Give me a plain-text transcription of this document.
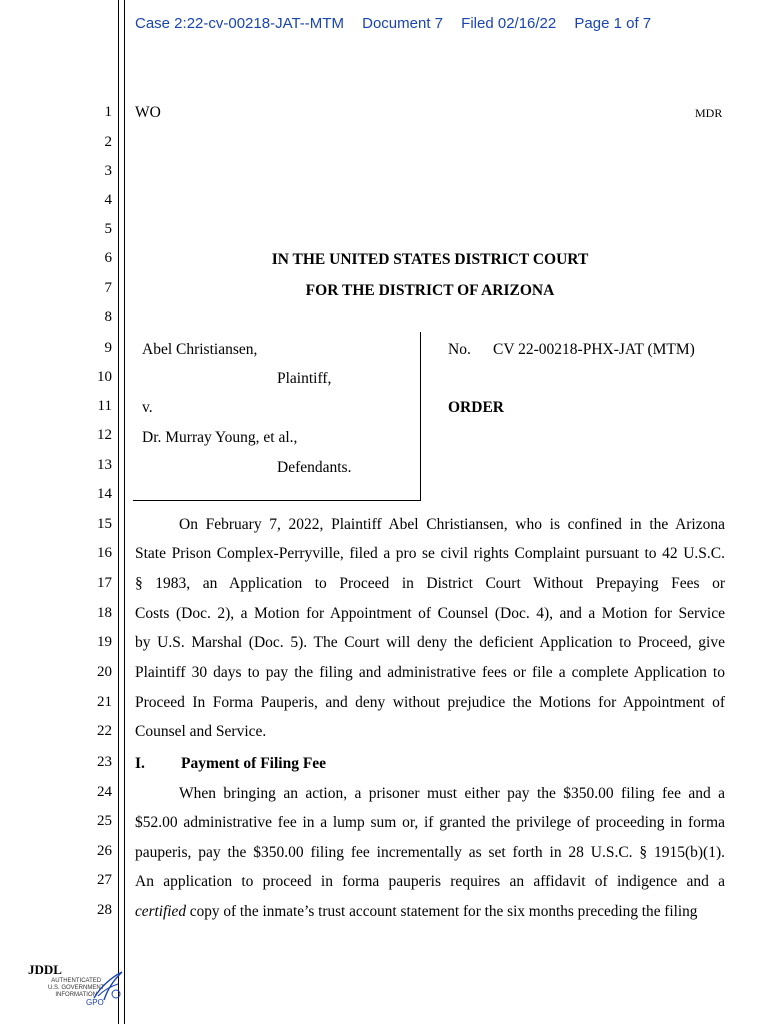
Case 2:22-cv-00218-JAT--MTM Document 7 Filed 02/16/22 Page 1 of 7
1
2
3
4
5
6
7
8
9
10
11
12
13
14
15
16
17
18
19
20
21
22
23
24
25
26
27
28
WO	MDR
IN THE UNITED STATES DISTRICT COURT
FOR THE DISTRICT OF ARIZONA
Abel Christiansen,
Plaintiff,
v.
Dr. Murray Young, et al.,
Defendants.
No. CV 22-00218-PHX-JAT (MTM)
ORDER
On February 7, 2022, Plaintiff Abel Christiansen, who is confined in the Arizona
State Prison Complex-Perryville, filed a pro se civil rights Complaint pursuant to 42 U.S.C.
§ 1983, an Application to Proceed in District Court Without Prepaying Fees or
Costs (Doc. 2), a Motion for Appointment of Counsel (Doc. 4), and a Motion for Service
by U.S. Marshal (Doc. 5). The Court will deny the deficient Application to Proceed, give
Plaintiff 30 days to pay the filing and administrative fees or file a complete Application to
Proceed In Forma Pauperis, and deny without prejudice the Motions for Appointment of
Counsel and Service.
I. Payment of Filing Fee
When bringing an action, a prisoner must either pay the $350.00 filing fee and a
$52.00 administrative fee in a lump sum or, if granted the privilege of proceeding in forma
pauperis, pay the $350.00 filing fee incrementally as set forth in 28 U.S.C. § 1915(b)(1).
An application to proceed in forma pauperis requires an affidavit of indigence and a
certified copy of the inmate’s trust account statement for the six months preceding the filing
JDDL
AUTHENTICATED
U.S. GOVERNMENT
INFORMATION
GPO
